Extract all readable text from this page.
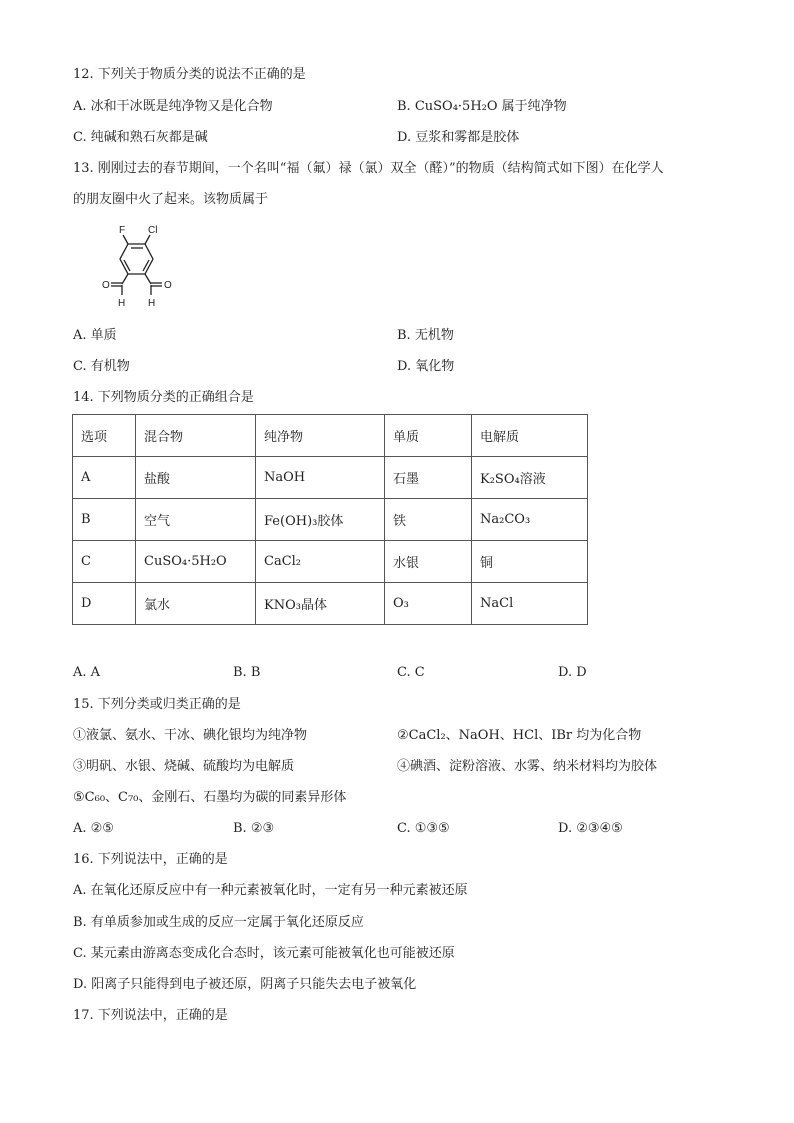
12. 下列关于物质分类的说法不正确的是
A. 冰和干冰既是纯净物又是化合物	B. CuSO₄·5H₂O 属于纯净物
C. 纯碱和熟石灰都是碱	D. 豆浆和雾都是胶体
13. 刚刚过去的春节期间，一个名叫“福（氟）禄（氯）双全（醛）”的物质（结构简式如下图）在化学人
的朋友圈中火了起来。该物质属于
F Cl
O	O
H H
A. 单质	B. 无机物
C. 有机物	D. 氧化物
14. 下列物质分类的正确组合是
选项	混合物	纯净物	单质	电解质
A	盐酸	NaOH	石墨	K₂SO₄溶液
B	空气	Fe(OH)₃胶体	铁	Na₂CO₃
C	CuSO₄·5H₂O	CaCl₂	水银	铜
D	氯水	KNO₃晶体	O₃	NaCl
A. A	B. B	C. C	D. D
15. 下列分类或归类正确的是
①液氯、氨水、干冰、碘化银均为纯净物	②CaCl₂、NaOH、HCl、IBr 均为化合物
③明矾、水银、烧碱、硫酸均为电解质	④碘酒、淀粉溶液、水雾、纳米材料均为胶体
⑤C₆₀、C₇₀、金刚石、石墨均为碳的同素异形体
A. ②⑤	B. ②③	C. ①③⑤	D. ②③④⑤
16. 下列说法中，正确的是
A. 在氧化还原反应中有一种元素被氧化时，一定有另一种元素被还原
B. 有单质参加或生成的反应一定属于氧化还原反应
C. 某元素由游离态变成化合态时，该元素可能被氧化也可能被还原
D. 阳离子只能得到电子被还原，阴离子只能失去电子被氧化
17. 下列说法中，正确的是
